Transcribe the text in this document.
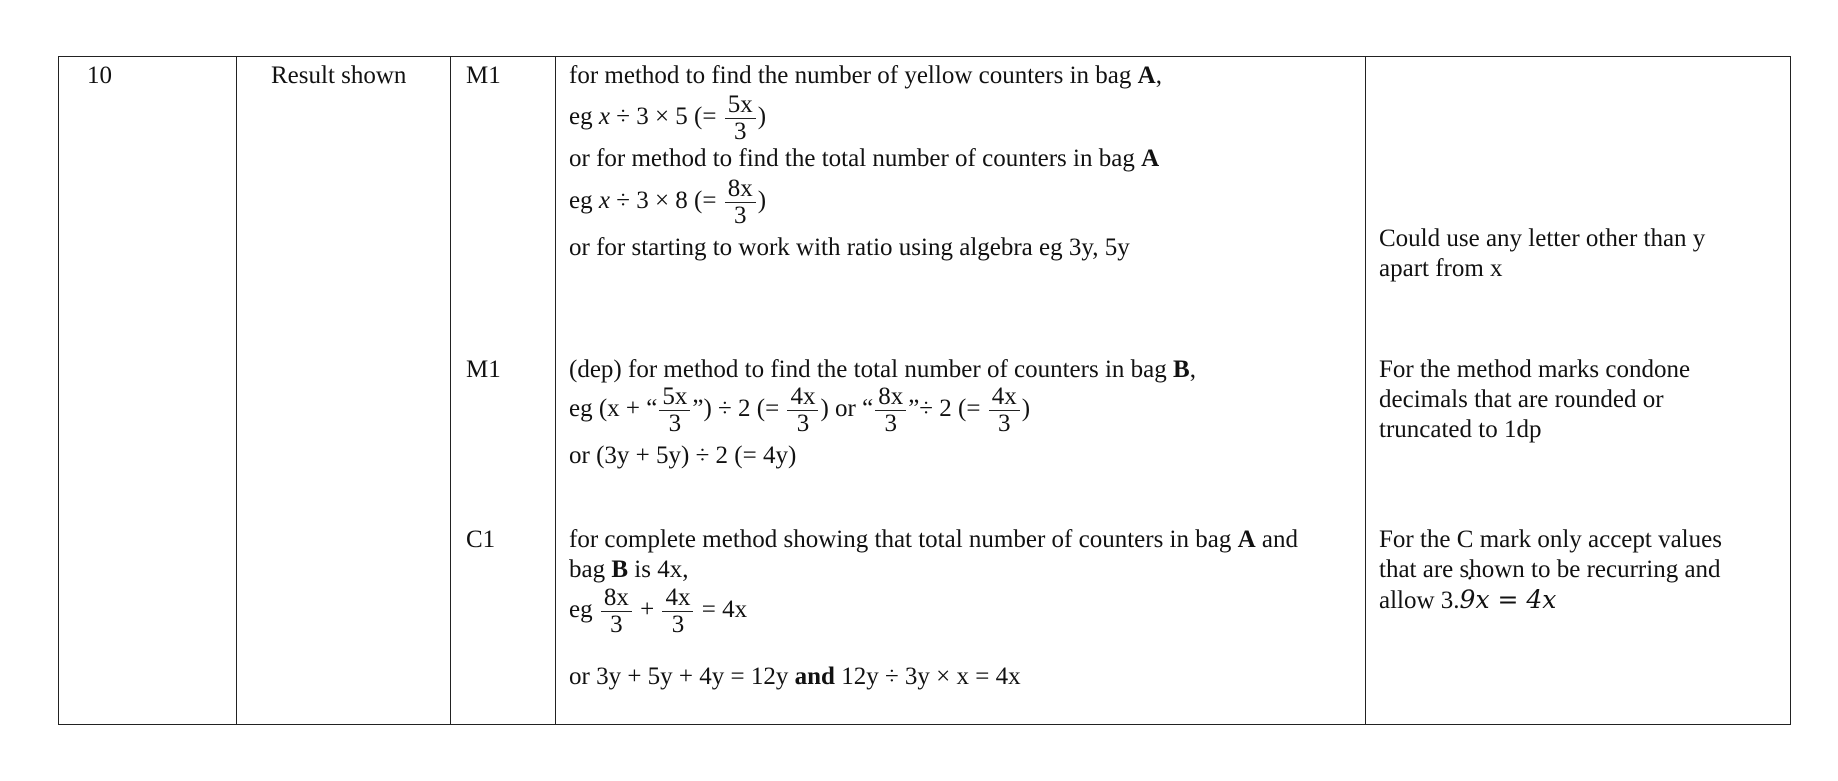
10	Result shown M1
M1
C1
for method to find the number of yellow counters in bag A,
eg x ÷ 3 × 5 (= $\frac{5x}{3}$ )
or for method to find the total number of counters in bag A
eg x ÷ 3 × 8 (= $\frac{8x}{3}$ )
or for starting to work with ratio using algebra eg 3y, 5y	Could use any letter other than y
apart from x
(dep) for method to find the total number of counters in bag B,
eg (x + “ $\frac{5x}{3}$ ”) ÷ 2 (= $\frac{4x}{3}$ ) or “ $\frac{8x}{3}$ ”÷ 2 (= $\frac{4x}{3}$ )
or (3y + 5y) ÷ 2 (= 4y)
For the method marks condone
decimals that are rounded or
truncated to 1dp
for complete method showing that total number of counters in bag A and
bag B is 4x,
eg $\frac{8x}{3} + \frac{4x}{3} = 4x$
or 3y + 5y + 4y = 12y and 12y ÷ 3y × x = 4x
For the C mark only accept values
that are shown to be recurring and
allow 3.9 ˙x = 4x
